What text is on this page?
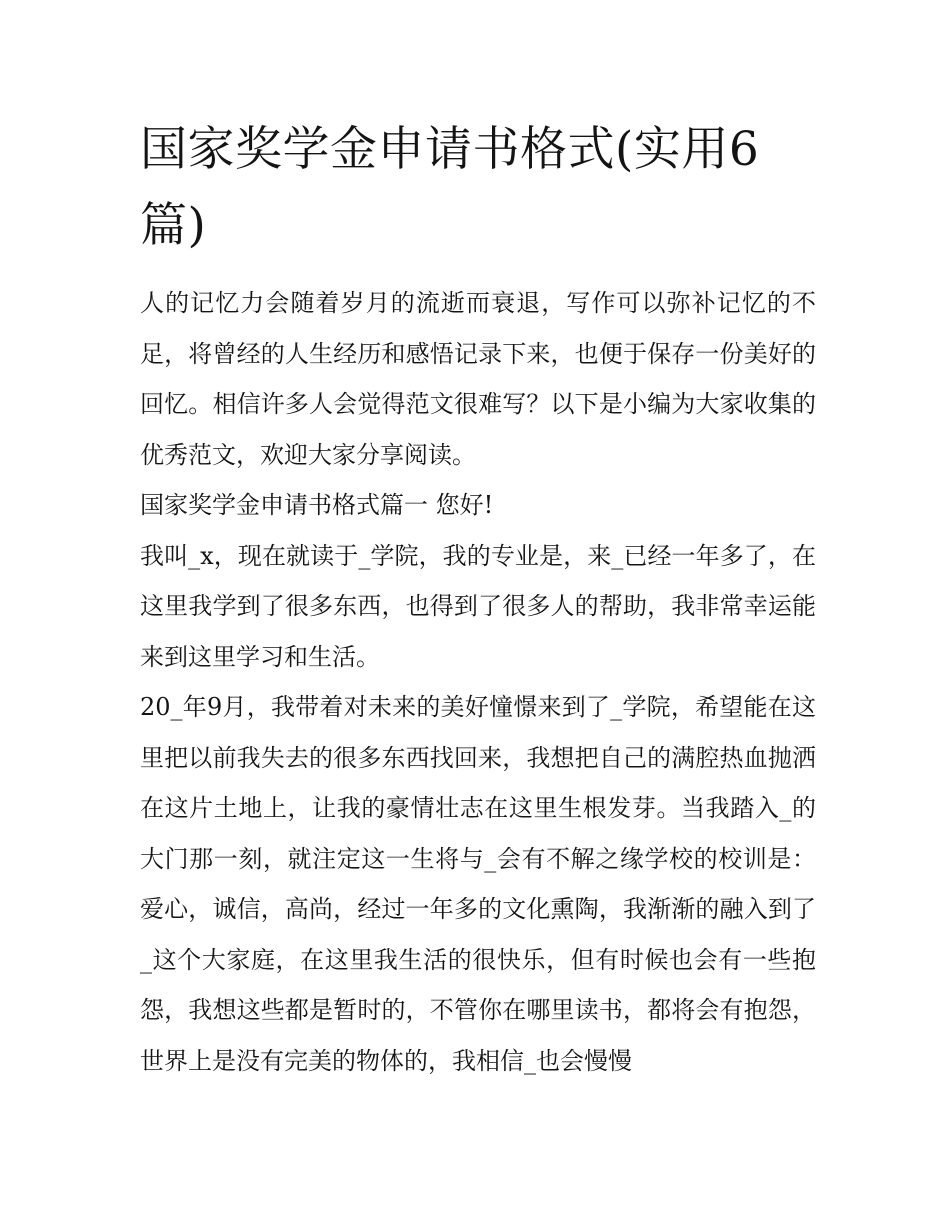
国家奖学金申请书格式(实用6篇)

人的记忆力会随着岁月的流逝而衰退，写作可以弥补记忆的不足，将曾经的人生经历和感悟记录下来，也便于保存一份美好的回忆。相信许多人会觉得范文很难写？以下是小编为大家收集的优秀范文，欢迎大家分享阅读。

国家奖学金申请书格式篇一 您好!

我叫_x，现在就读于_学院，我的专业是，来_已经一年多了，在这里我学到了很多东西，也得到了很多人的帮助，我非常幸运能来到这里学习和生活。

20_年9月，我带着对未来的美好憧憬来到了_学院，希望能在这里把以前我失去的很多东西找回来，我想把自己的满腔热血抛洒在这片土地上，让我的豪情壮志在这里生根发芽。当我踏入_的大门那一刻，就注定这一生将与_会有不解之缘学校的校训是：爱心，诚信，高尚，经过一年多的文化熏陶，我渐渐的融入到了_这个大家庭，在这里我生活的很快乐，但有时候也会有一些抱怨，我想这些都是暂时的，不管你在哪里读书，都将会有抱怨，世界上是没有完美的物体的，我相信_也会慢慢
